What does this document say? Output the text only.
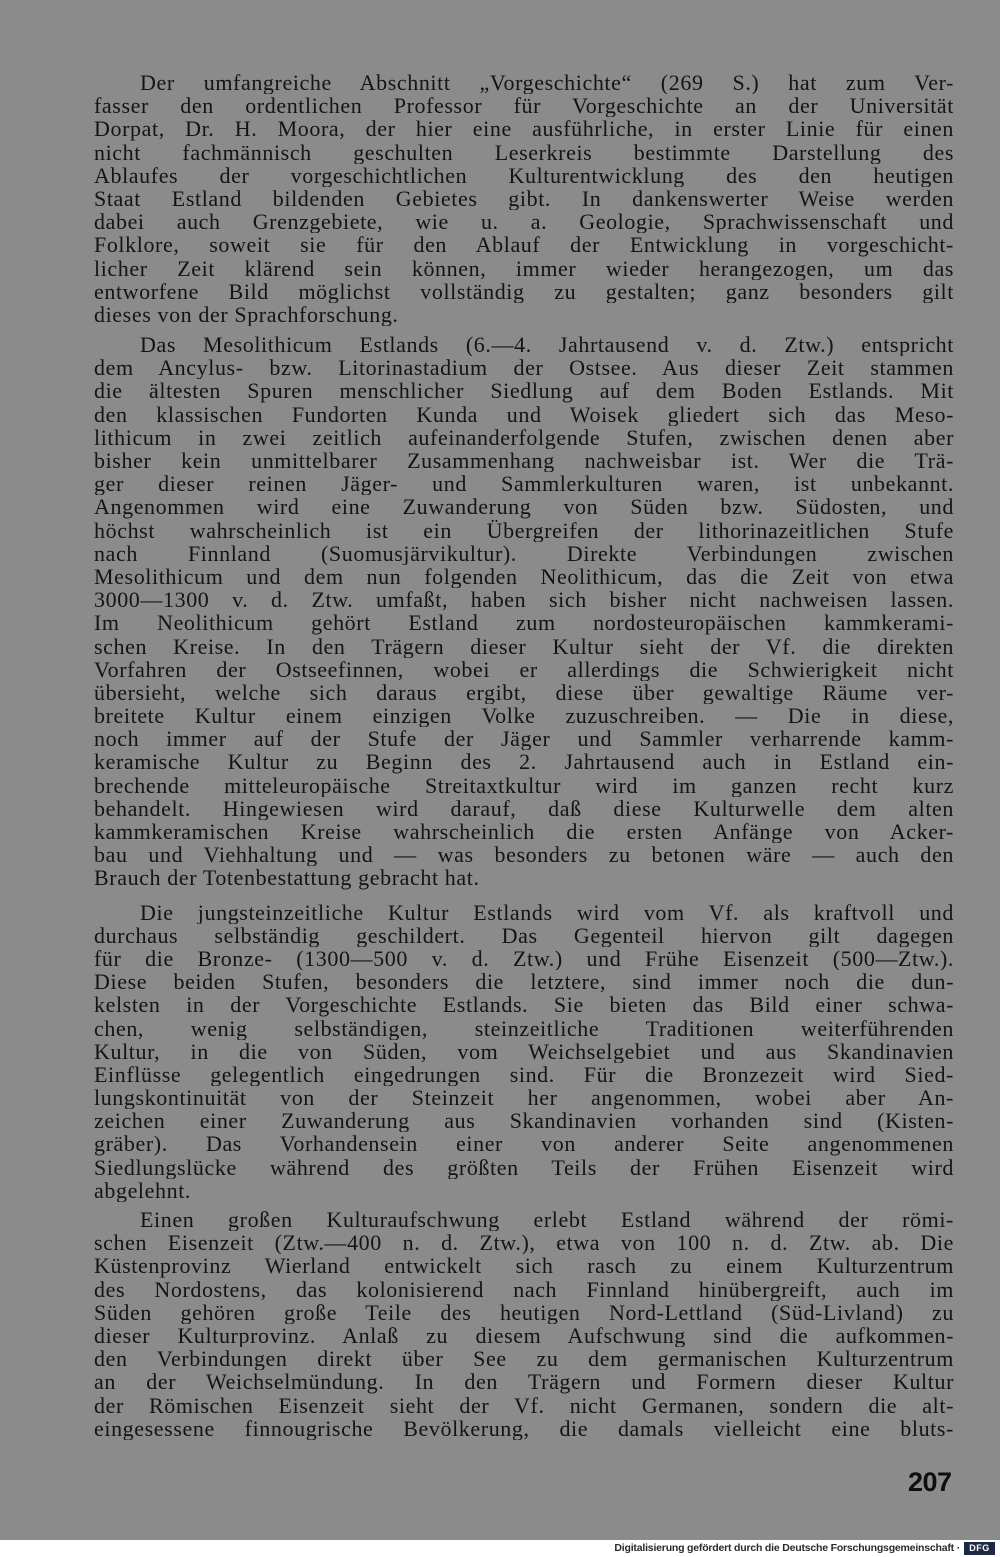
Der umfangreiche Abschnitt „Vorgeschichte“ (269 S.) hat zum Ver-
fasser den ordentlichen Professor für Vorgeschichte an der Universität
Dorpat, Dr. H. Moora, der hier eine ausführliche, in erster Linie für einen
nicht fachmännisch geschulten Leserkreis bestimmte Darstellung des
Ablaufes der vorgeschichtlichen Kulturentwicklung des den heutigen
Staat Estland bildenden Gebietes gibt. In dankenswerter Weise werden
dabei auch Grenzgebiete, wie u. a. Geologie, Sprachwissenschaft und
Folklore, soweit sie für den Ablauf der Entwicklung in vorgeschicht-
licher Zeit klärend sein können, immer wieder herangezogen, um das
entworfene Bild möglichst vollständig zu gestalten; ganz besonders gilt
dieses von der Sprachforschung.
Das Mesolithicum Estlands (6.—4. Jahrtausend v. d. Ztw.) entspricht
dem Ancylus- bzw. Litorinastadium der Ostsee. Aus dieser Zeit stammen
die ältesten Spuren menschlicher Siedlung auf dem Boden Estlands. Mit
den klassischen Fundorten Kunda und Woisek gliedert sich das Meso-
lithicum in zwei zeitlich aufeinanderfolgende Stufen, zwischen denen aber
bisher kein unmittelbarer Zusammenhang nachweisbar ist. Wer die Trä-
ger dieser reinen Jäger- und Sammlerkulturen waren, ist unbekannt.
Angenommen wird eine Zuwanderung von Süden bzw. Südosten, und
höchst wahrscheinlich ist ein Übergreifen der lithorinazeitlichen Stufe
nach Finnland (Suomusjärvikultur). Direkte Verbindungen zwischen
Mesolithicum und dem nun folgenden Neolithicum, das die Zeit von etwa
3000—1300 v. d. Ztw. umfaßt, haben sich bisher nicht nachweisen lassen.
Im Neolithicum gehört Estland zum nordosteuropäischen kammkerami-
schen Kreise. In den Trägern dieser Kultur sieht der Vf. die direkten
Vorfahren der Ostseefinnen, wobei er allerdings die Schwierigkeit nicht
übersieht, welche sich daraus ergibt, diese über gewaltige Räume ver-
breitete Kultur einem einzigen Volke zuzuschreiben. — Die in diese,
noch immer auf der Stufe der Jäger und Sammler verharrende kamm-
keramische Kultur zu Beginn des 2. Jahrtausend auch in Estland ein-
brechende mitteleuropäische Streitaxtkultur wird im ganzen recht kurz
behandelt. Hingewiesen wird darauf, daß diese Kulturwelle dem alten
kammkeramischen Kreise wahrscheinlich die ersten Anfänge von Acker-
bau und Viehhaltung und — was besonders zu betonen wäre — auch den
Brauch der Totenbestattung gebracht hat.
Die jungsteinzeitliche Kultur Estlands wird vom Vf. als kraftvoll und
durchaus selbständig geschildert. Das Gegenteil hiervon gilt dagegen
für die Bronze- (1300—500 v. d. Ztw.) und Frühe Eisenzeit (500—Ztw.).
Diese beiden Stufen, besonders die letztere, sind immer noch die dun-
kelsten in der Vorgeschichte Estlands. Sie bieten das Bild einer schwa-
chen, wenig selbständigen, steinzeitliche Traditionen weiterführenden
Kultur, in die von Süden, vom Weichselgebiet und aus Skandinavien
Einflüsse gelegentlich eingedrungen sind. Für die Bronzezeit wird Sied-
lungskontinuität von der Steinzeit her angenommen, wobei aber An-
zeichen einer Zuwanderung aus Skandinavien vorhanden sind (Kisten-
gräber). Das Vorhandensein einer von anderer Seite angenommenen
Siedlungslücke während des größten Teils der Frühen Eisenzeit wird
abgelehnt.
Einen großen Kulturaufschwung erlebt Estland während der römi-
schen Eisenzeit (Ztw.—400 n. d. Ztw.), etwa von 100 n. d. Ztw. ab. Die
Küstenprovinz Wierland entwickelt sich rasch zu einem Kulturzentrum
des Nordostens, das kolonisierend nach Finnland hinübergreift, auch im
Süden gehören große Teile des heutigen Nord-Lettland (Süd-Livland) zu
dieser Kulturprovinz. Anlaß zu diesem Aufschwung sind die aufkommen-
den Verbindungen direkt über See zu dem germanischen Kulturzentrum
an der Weichselmündung. In den Trägern und Formern dieser Kultur
der Römischen Eisenzeit sieht der Vf. nicht Germanen, sondern die alt-
eingesessene finnougrische Bevölkerung, die damals vielleicht eine bluts-
207
Digitalisierung gefördert durch die Deutsche Forschungsgemeinschaft ·	DFG
